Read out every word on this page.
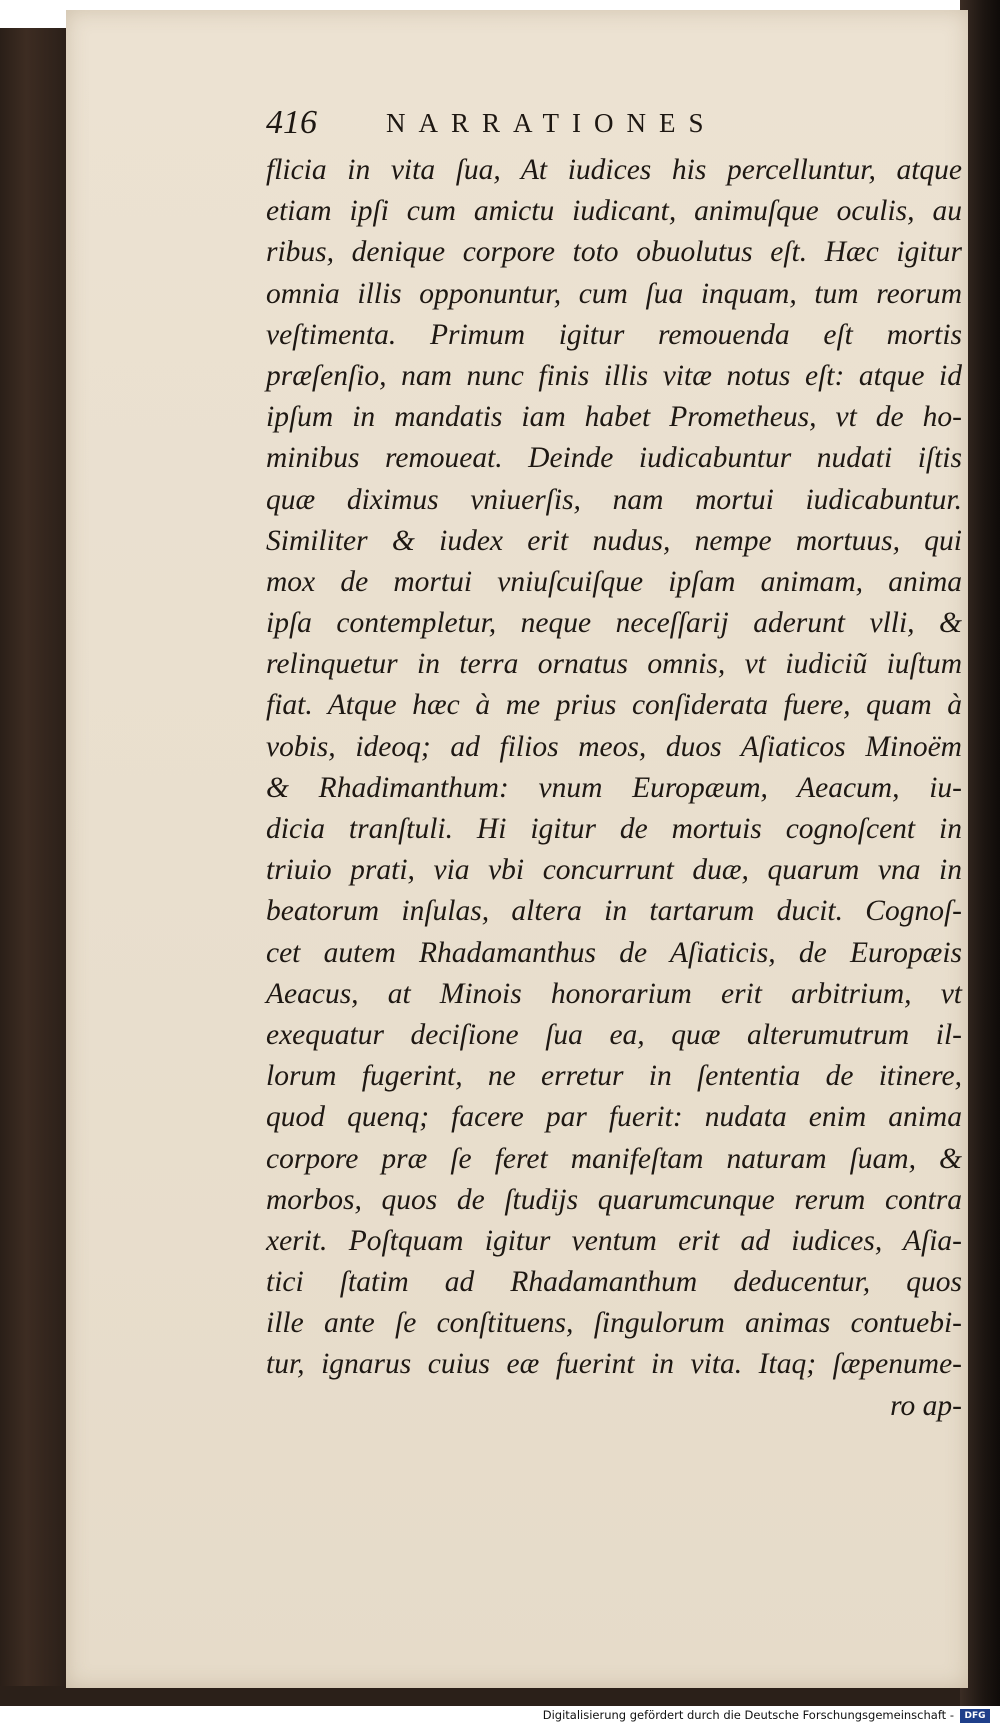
416	NARRATIONES
flicia in vita ſua, At iudices his percelluntur, atque
etiam ipſi cum amictu iudicant, animuſque oculis, au
ribus, denique corpore toto obuolutus eſt. Hæc igitur
omnia illis opponuntur, cum ſua inquam, tum reorum
veſtimenta. Primum igitur remouenda eſt mortis
præſenſio, nam nunc finis illis vitæ notus eſt: atque id
ipſum in mandatis iam habet Prometheus, vt de ho-
minibus remoueat. Deinde iudicabuntur nudati iſtis
quæ diximus vniuerſis, nam mortui iudicabuntur.
Similiter & iudex erit nudus, nempe mortuus, qui
mox de mortui vniuſcuiſque ipſam animam, anima
ipſa contempletur, neque neceſſarij aderunt vlli, &
relinquetur in terra ornatus omnis, vt iudiciũ iuſtum
fiat. Atque hæc à me prius conſiderata fuere, quam à
vobis, ideoq; ad filios meos, duos Aſiaticos Minoëm
& Rhadimanthum: vnum Europæum, Aeacum, iu-
dicia tranſtuli. Hi igitur de mortuis cognoſcent in
triuio prati, via vbi concurrunt duæ, quarum vna in
beatorum inſulas, altera in tartarum ducit. Cognoſ-
cet autem Rhadamanthus de Aſiaticis, de Europæis
Aeacus, at Minois honorarium erit arbitrium, vt
exequatur deciſione ſua ea, quæ alterumutrum il-
lorum fugerint, ne erretur in ſententia de itinere,
quod quenq; facere par fuerit: nudata enim anima
corpore præ ſe feret manifeſtam naturam ſuam, &
morbos, quos de ſtudijs quarumcunque rerum contra
xerit. Poſtquam igitur ventum erit ad iudices, Aſia-
tici ſtatim ad Rhadamanthum deducentur, quos
ille ante ſe conſtituens, ſingulorum animas contuebi-
tur, ignarus cuius eæ fuerint in vita. Itaq; ſæpenume-
ro ap-
Digitalisierung gefördert durch die Deutsche Forschungsgemeinschaft -	DFG
